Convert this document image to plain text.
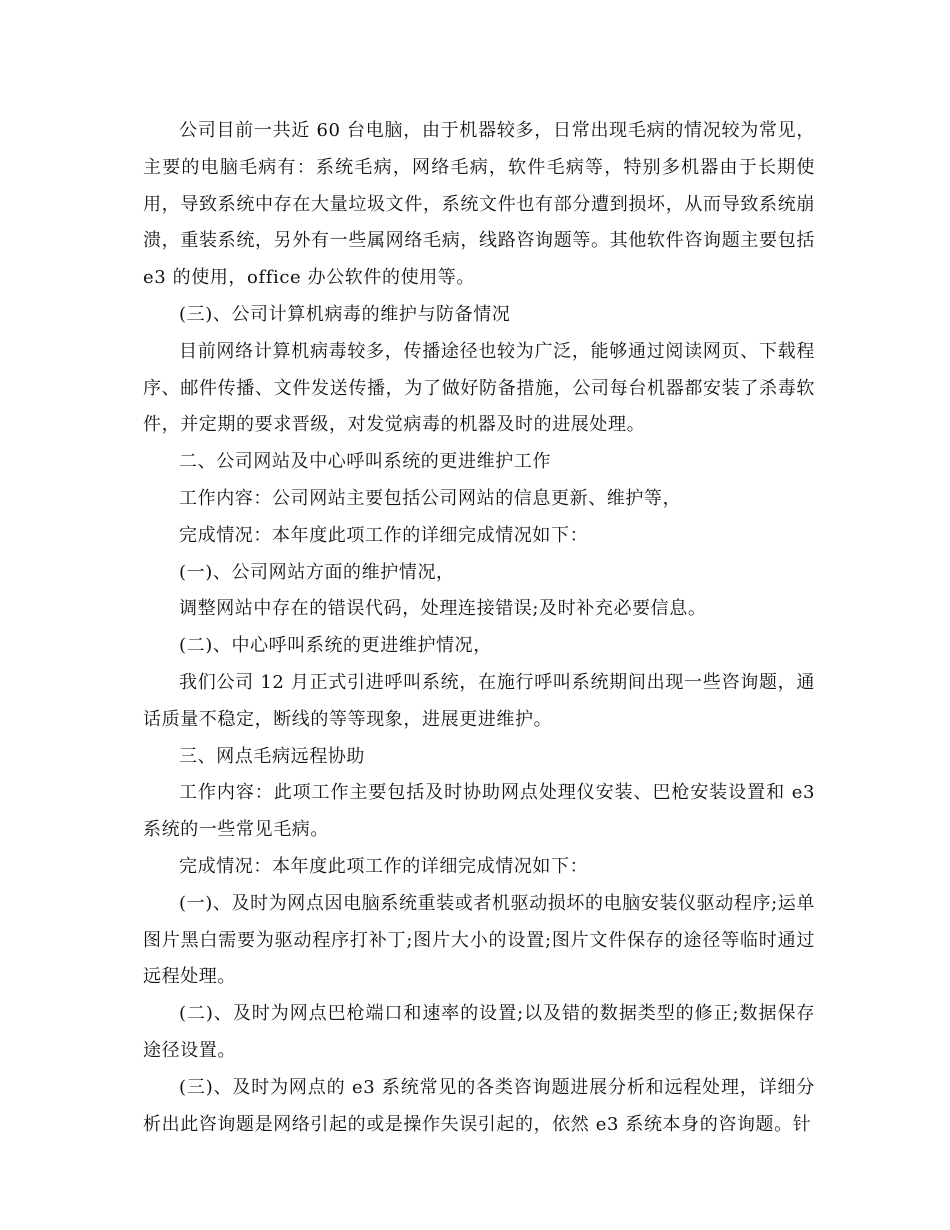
公司目前一共近 60 台电脑，由于机器较多，日常出现毛病的情况较为常见，主要的电脑毛病有：系统毛病，网络毛病，软件毛病等，特别多机器由于长期使用，导致系统中存在大量垃圾文件，系统文件也有部分遭到损坏，从而导致系统崩溃，重装系统，另外有一些属网络毛病，线路咨询题等。其他软件咨询题主要包括 e3 的使用，office 办公软件的使用等。

(三)、公司计算机病毒的维护与防备情况

目前网络计算机病毒较多，传播途径也较为广泛，能够通过阅读网页、下载程序、邮件传播、文件发送传播，为了做好防备措施，公司每台机器都安装了杀毒软件，并定期的要求晋级，对发觉病毒的机器及时的进展处理。

二、公司网站及中心呼叫系统的更进维护工作

工作内容：公司网站主要包括公司网站的信息更新、维护等，

完成情况：本年度此项工作的详细完成情况如下：

(一)、公司网站方面的维护情况，

调整网站中存在的错误代码，处理连接错误;及时补充必要信息。

(二)、中心呼叫系统的更进维护情况，

我们公司 12 月正式引进呼叫系统，在施行呼叫系统期间出现一些咨询题，通话质量不稳定，断线的等等现象，进展更进维护。

三、网点毛病远程协助

工作内容：此项工作主要包括及时协助网点处理仪安装、巴枪安装设置和 e3 系统的一些常见毛病。

完成情况：本年度此项工作的详细完成情况如下：

(一)、及时为网点因电脑系统重装或者机驱动损坏的电脑安装仪驱动程序;运单图片黑白需要为驱动程序打补丁;图片大小的设置;图片文件保存的途径等临时通过远程处理。

(二)、及时为网点巴枪端口和速率的设置;以及错的数据类型的修正;数据保存途径设置。

(三)、及时为网点的 e3 系统常见的各类咨询题进展分析和远程处理，详细分析出此咨询题是网络引起的或是操作失误引起的，依然 e3 系统本身的咨询题。针
